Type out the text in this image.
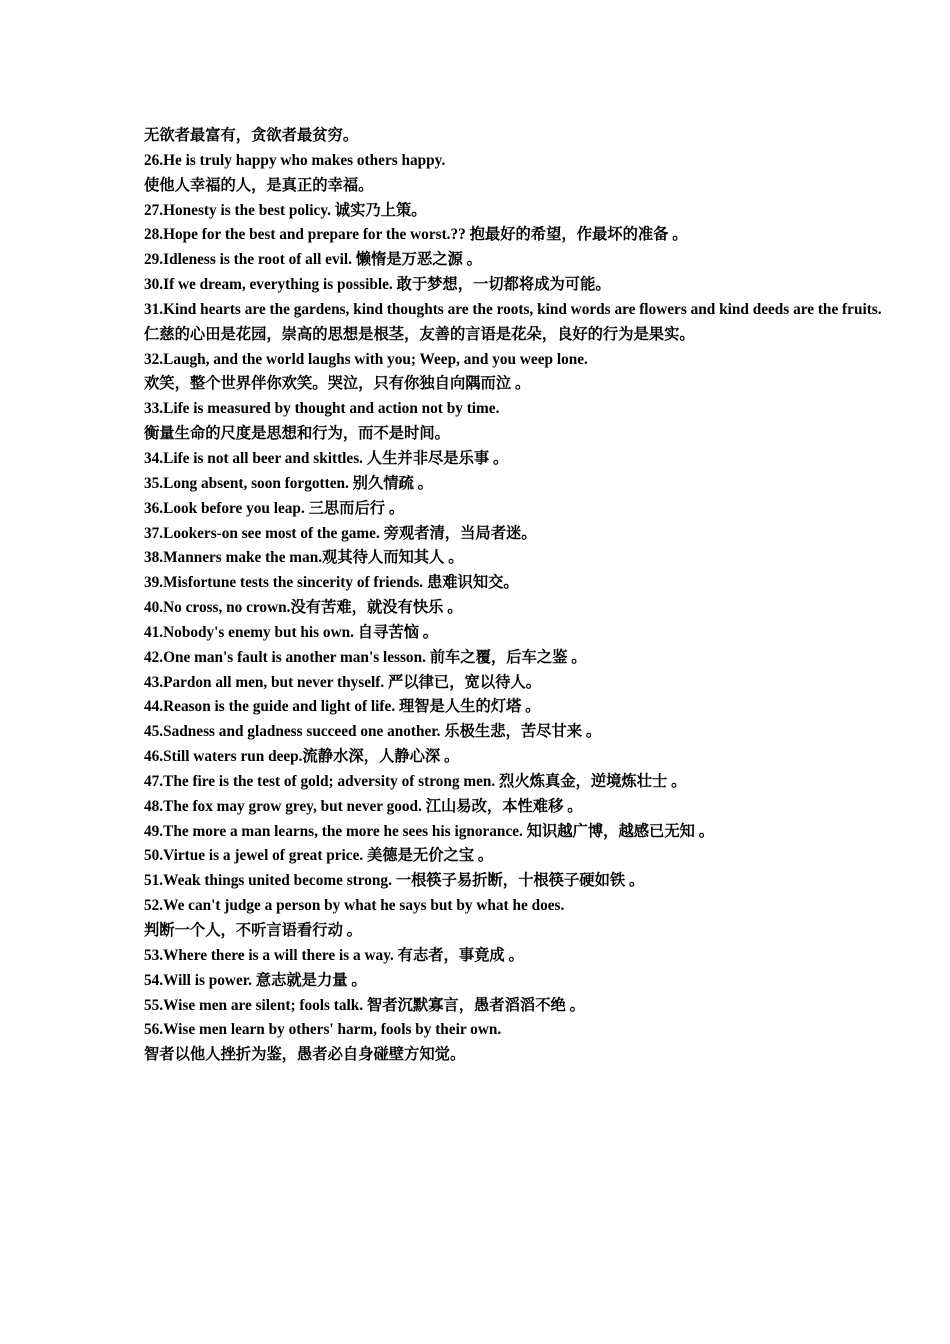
无欲者最富有，贪欲者最贫穷。
26.He is truly happy who makes others happy.
使他人幸福的人，是真正的幸福。
27.Honesty is the best policy. 诚实乃上策。
28.Hope for the best and prepare for the worst.?? 抱最好的希望，作最坏的准备 。
29.Idleness is the root of all evil. 懒惰是万恶之源 。
30.If we dream, everything is possible. 敢于梦想，一切都将成为可能。
31.Kind hearts are the gardens, kind thoughts are the roots, kind words are flowers and kind deeds are the fruits.
仁慈的心田是花园，崇高的思想是根茎，友善的言语是花朵，良好的行为是果实。
32.Laugh, and the world laughs with you; Weep, and you weep lone.
欢笑，整个世界伴你欢笑。哭泣，只有你独自向隅而泣 。
33.Life is measured by thought and action not by time.
衡量生命的尺度是思想和行为，而不是时间。
34.Life is not all beer and skittles. 人生并非尽是乐事 。
35.Long absent, soon forgotten. 别久情疏 。
36.Look before you leap. 三思而后行 。
37.Lookers-on see most of the game. 旁观者清，当局者迷。
38.Manners make the man.观其待人而知其人 。
39.Misfortune tests the sincerity of friends. 患难识知交。
40.No cross, no crown.没有苦难，就没有快乐 。
41.Nobody's enemy but his own. 自寻苦恼 。
42.One man's fault is another man's lesson. 前车之覆，后车之鉴 。
43.Pardon all men, but never thyself. 严以律已，宽以待人。
44.Reason is the guide and light of life. 理智是人生的灯塔 。
45.Sadness and gladness succeed one another. 乐极生悲，苦尽甘来 。
46.Still waters run deep.流静水深，人静心深 。
47.The fire is the test of gold; adversity of strong men. 烈火炼真金，逆境炼壮士 。
48.The fox may grow grey, but never good. 江山易改，本性难移 。
49.The more a man learns, the more he sees his ignorance. 知识越广博，越感已无知 。
50.Virtue is a jewel of great price. 美德是无价之宝 。
51.Weak things united become strong. 一根筷子易折断，十根筷子硬如铁 。
52.We can't judge a person by what he says but by what he does.
判断一个人，不听言语看行动 。
53.Where there is a will there is a way. 有志者，事竟成 。
54.Will is power. 意志就是力量 。
55.Wise men are silent; fools talk. 智者沉默寡言，愚者滔滔不绝 。
56.Wise men learn by others' harm, fools by their own.
智者以他人挫折为鉴，愚者必自身碰壁方知觉。
